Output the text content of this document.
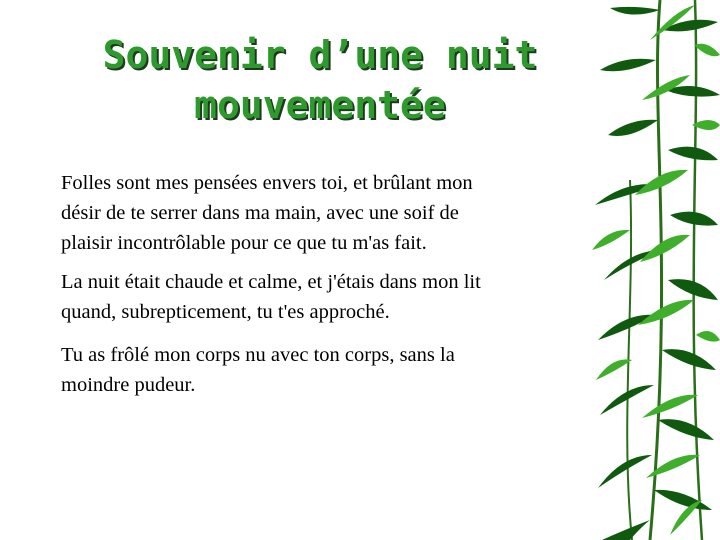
Souvenir d’une nuit
mouvementée

Folles sont mes pensées envers toi, et brûlant mon
désir de te serrer dans ma main, avec une soif de
plaisir incontrôlable pour ce que tu m'as fait.

La nuit était chaude et calme, et j'étais dans mon lit
quand, subrepticement, tu t'es approché.

Tu as frôlé mon corps nu avec ton corps, sans la
moindre pudeur.
